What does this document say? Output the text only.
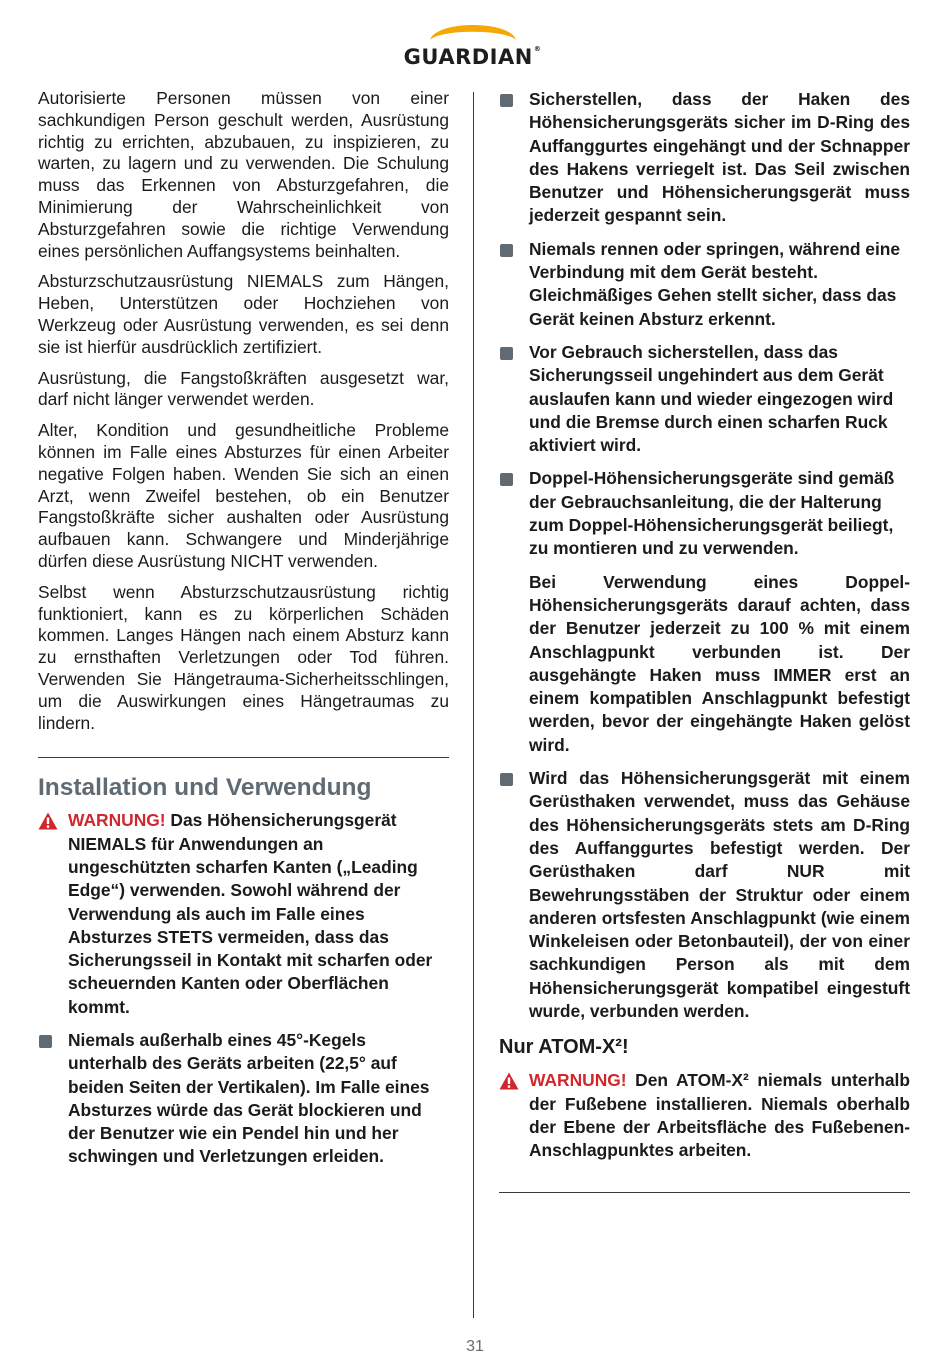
GUARDIAN®

Autorisierte Personen müssen von einer sachkundigen Person geschult werden, Ausrüstung richtig zu errichten, abzubauen, zu inspizieren, zu warten, zu lagern und zu verwenden. Die Schulung muss das Erkennen von Absturzgefahren, die Minimierung der Wahrscheinlichkeit von Absturzgefahren sowie die richtige Verwendung eines persönlichen Auffangsystems beinhalten.

Absturzschutzausrüstung NIEMALS zum Hängen, Heben, Unterstützen oder Hochziehen von Werkzeug oder Ausrüstung verwenden, es sei denn sie ist hierfür ausdrücklich zertifiziert.

Ausrüstung, die Fangstoßkräften ausgesetzt war, darf nicht länger verwendet werden.

Alter, Kondition und gesundheitliche Probleme können im Falle eines Absturzes für einen Arbeiter negative Folgen haben. Wenden Sie sich an einen Arzt, wenn Zweifel bestehen, ob ein Benutzer Fangstoßkräfte sicher aushalten oder Ausrüstung aufbauen kann. Schwangere und Minderjährige dürfen diese Ausrüstung NICHT verwenden.

Selbst wenn Absturzschutzausrüstung richtig funktioniert, kann es zu körperlichen Schäden kommen. Langes Hängen nach einem Absturz kann zu ernsthaften Verletzungen oder Tod führen. Verwenden Sie Hängetrauma-Sicherheitsschlingen, um die Auswirkungen eines Hängetraumas zu lindern.

Installation und Verwendung
WARNUNG! Das Höhensicherungsgerät NIEMALS für Anwendungen an ungeschützten scharfen Kanten („Leading Edge“) verwenden. Sowohl während der Verwendung als auch im Falle eines Absturzes STETS vermeiden, dass das Sicherungsseil in Kontakt mit scharfen oder scheuernden Kanten oder Oberflächen kommt.
Niemals außerhalb eines 45°-Kegels unterhalb des Geräts arbeiten (22,5° auf beiden Seiten der Vertikalen). Im Falle eines Absturzes würde das Gerät blockieren und der Benutzer wie ein Pendel hin und her schwingen und Verletzungen erleiden.
Sicherstellen, dass der Haken des Höhensicherungsgeräts sicher im D-Ring des Auffanggurtes eingehängt und der Schnapper des Hakens verriegelt ist. Das Seil zwischen Benutzer und Höhensicherungsgerät muss jederzeit gespannt sein.
Niemals rennen oder springen, während eine Verbindung mit dem Gerät besteht. Gleichmäßiges Gehen stellt sicher, dass das Gerät keinen Absturz erkennt.
Vor Gebrauch sicherstellen, dass das Sicherungsseil ungehindert aus dem Gerät auslaufen kann und wieder eingezogen wird und die Bremse durch einen scharfen Ruck aktiviert wird.
Doppel-Höhensicherungsgeräte sind gemäß der Gebrauchsanleitung, die der Halterung zum Doppel-Höhensicherungsgerät beiliegt, zu montieren und zu verwenden.
Bei Verwendung eines Doppel-Höhensicherungsgeräts darauf achten, dass der Benutzer jederzeit zu 100 % mit einem Anschlagpunkt verbunden ist. Der ausgehängte Haken muss IMMER erst an einem kompatiblen Anschlagpunkt befestigt werden, bevor der eingehängte Haken gelöst wird.
Wird das Höhensicherungsgerät mit einem Gerüsthaken verwendet, muss das Gehäuse des Höhensicherungsgeräts stets am D-Ring des Auffanggurtes befestigt werden. Der Gerüsthaken darf NUR mit Bewehrungsstäben der Struktur oder einem anderen ortsfesten Anschlagpunkt (wie einem Winkeleisen oder Betonbauteil), der von einer sachkundigen Person als mit dem Höhensicherungsgerät kompatibel eingestuft wurde, verbunden werden.
Nur ATOM-X²!
WARNUNG! Den ATOM-X² niemals unterhalb der Fußebene installieren. Niemals oberhalb der Ebene der Arbeitsfläche des Fußebenen-Anschlagpunktes arbeiten.
31
